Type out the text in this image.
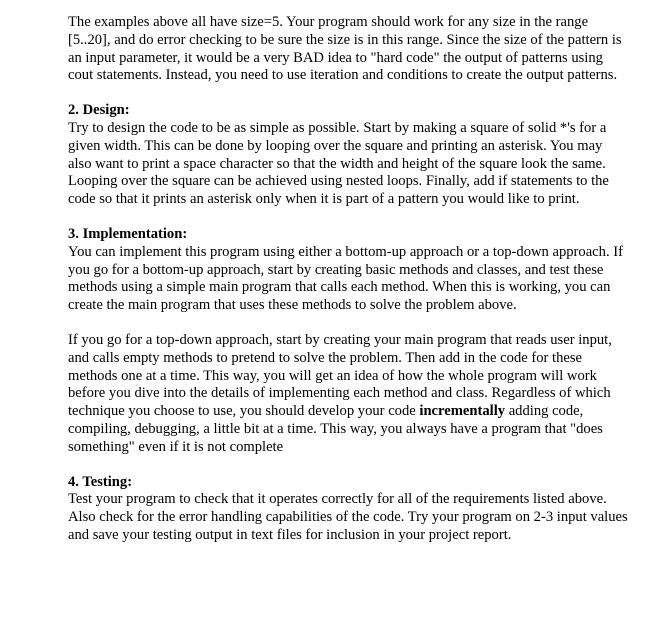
The examples above all have size=5. Your program should work for any size in the range [5..20], and do error checking to be sure the size is in this range. Since the size of the pattern is an input parameter, it would be a very BAD idea to "hard code" the output of patterns using cout statements. Instead, you need to use iteration and conditions to create the output patterns.

2. Design:

Try to design the code to be as simple as possible. Start by making a square of solid *'s for a given width. This can be done by looping over the square and printing an asterisk. You may also want to print a space character so that the width and height of the square look the same. Looping over the square can be achieved using nested loops. Finally, add if statements to the code so that it prints an asterisk only when it is part of a pattern you would like to print.

3. Implementation:

You can implement this program using either a bottom-up approach or a top-down approach. If you go for a bottom-up approach, start by creating basic methods and classes, and test these methods using a simple main program that calls each method. When this is working, you can create the main program that uses these methods to solve the problem above.

If you go for a top-down approach, start by creating your main program that reads user input, and calls empty methods to pretend to solve the problem. Then add in the code for these methods one at a time. This way, you will get an idea of how the whole program will work before you dive into the details of implementing each method and class. Regardless of which technique you choose to use, you should develop your code incrementally adding code, compiling, debugging, a little bit at a time. This way, you always have a program that "does something" even if it is not complete

4. Testing:

Test your program to check that it operates correctly for all of the requirements listed above. Also check for the error handling capabilities of the code. Try your program on 2-3 input values and save your testing output in text files for inclusion in your project report.
